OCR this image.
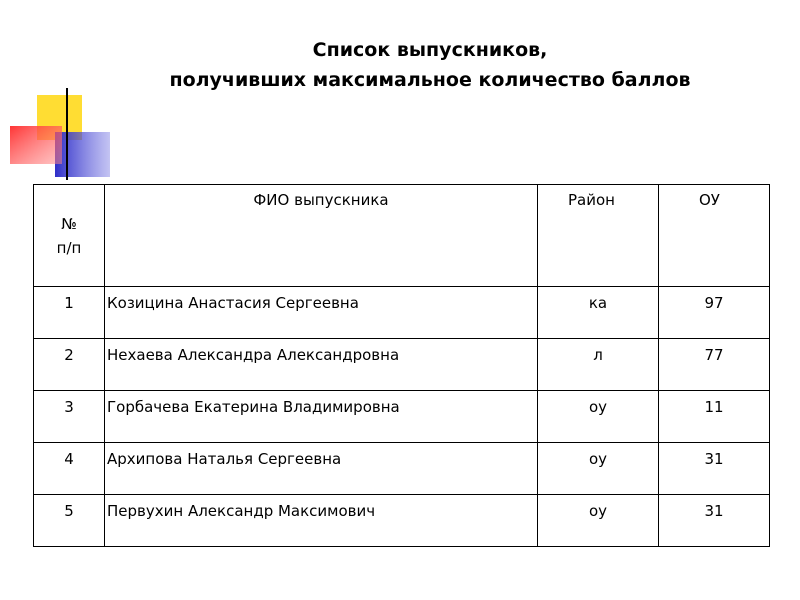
Список выпускников,
получивших максимальное количество баллов
№
п/п	ФИО выпускника	Район	ОУ

1	Козицина Анастасия Сергеевна	ка	97

2	Нехаева Александра Александровна	л	77

3	Горбачева Екатерина Владимировна	оу	11

4	Архипова Наталья Сергеевна	оу	31

5	Первухин Александр Максимович	оу	31
